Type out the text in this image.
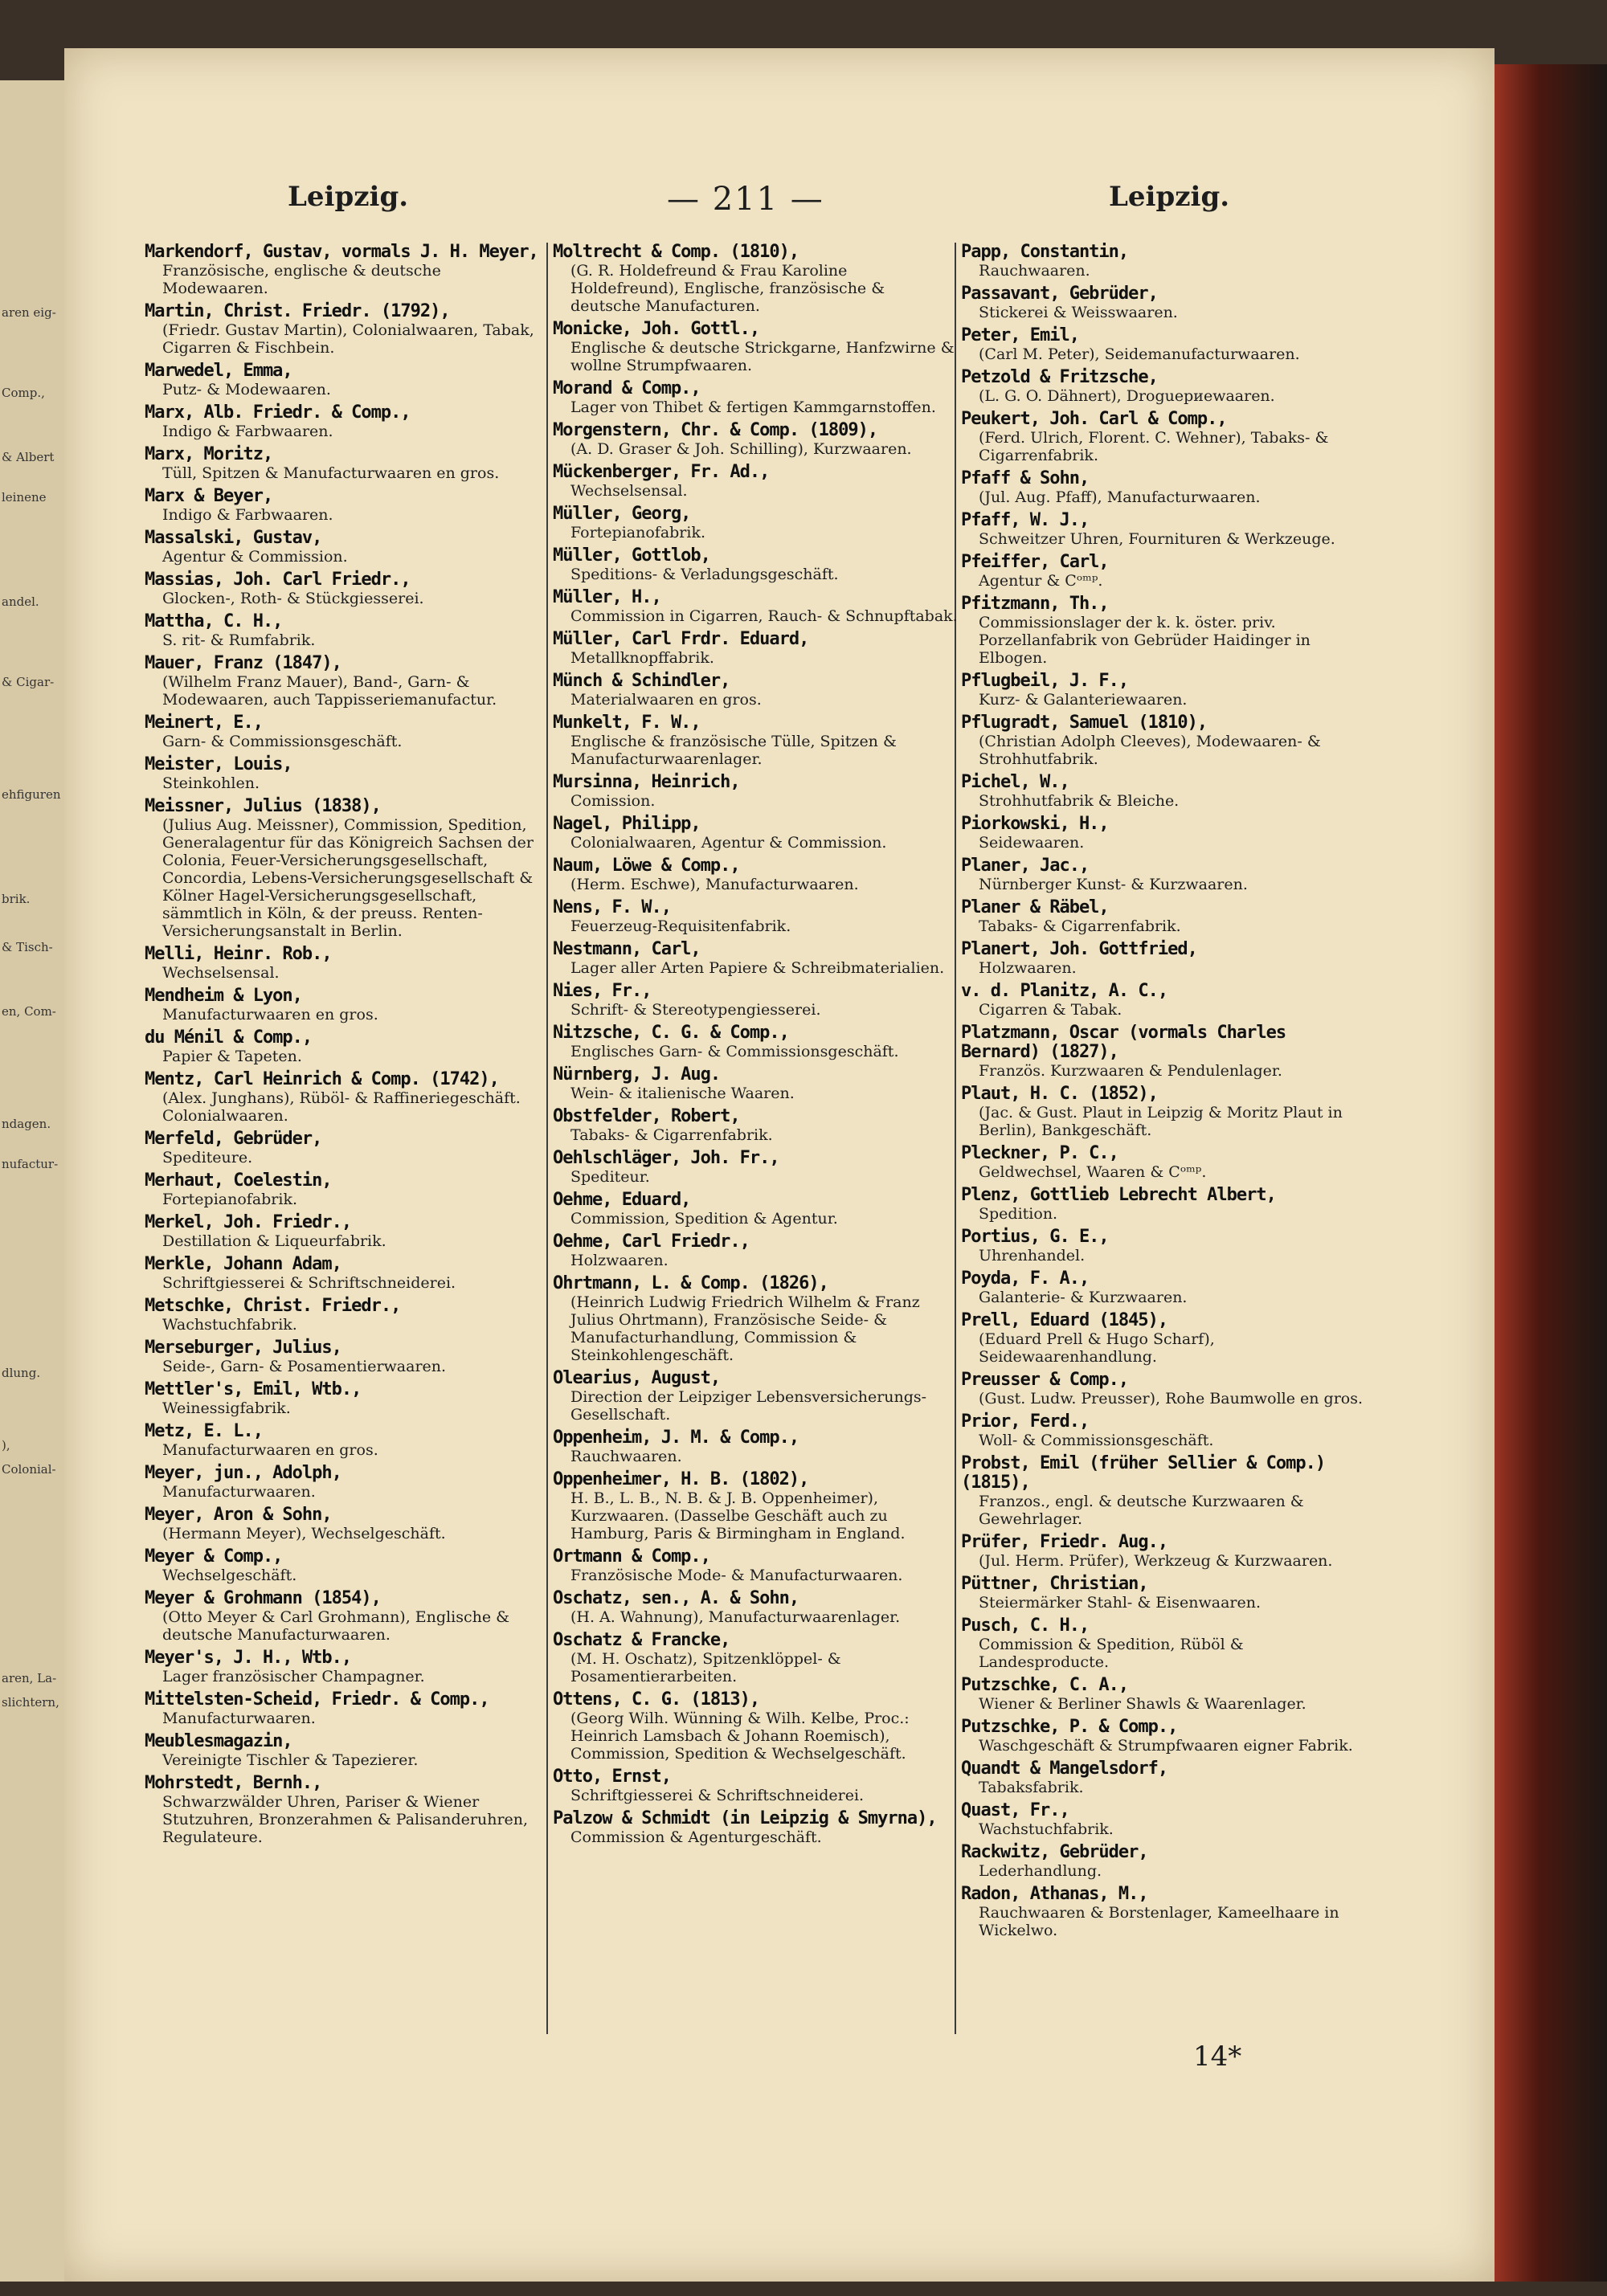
aren eig-
Comp.,
& Albert
leinene
andel.
& Cigar-
ehfiguren
brik.
& Tisch-
en, Com-
ndagen.
nufactur-
dlung.
),
Colonial-
aren, La-
slichtern,
Leipzig.	— 211 —	Leipzig.
Markendorf, Gustav, vormals J. H. Meyer,
Französische, englische & deutsche Modewaaren.
Martin, Christ. Friedr. (1792),
(Friedr. Gustav Martin), Colonialwaaren, Tabak, Cigarren & Fischbein.
Marwedel, Emma,
Putz- & Modewaaren.
Marx, Alb. Friedr. & Comp.,
Indigo & Farbwaaren.
Marx, Moritz,
Tüll, Spitzen & Manufacturwaaren en gros.
Marx & Beyer,
Indigo & Farbwaaren.
Massalski, Gustav,
Agentur & Commission.
Massias, Joh. Carl Friedr.,
Glocken-, Roth- & Stückgiesserei.
Mattha, C. H.,
S. rit- & Rumfabrik.
Mauer, Franz (1847),
(Wilhelm Franz Mauer), Band-, Garn- & Modewaaren, auch Tappisseriemanufactur.
Meinert, E.,
Garn- & Commissionsgeschäft.
Meister, Louis,
Steinkohlen.
Meissner, Julius (1838),
(Julius Aug. Meissner), Commission, Spedition, Generalagentur für das Königreich Sachsen der Colonia, Feuer-Versicherungsgesellschaft, Concordia, Lebens-Versicherungsgesellschaft & Kölner Hagel-Versicherungsgesellschaft, sämmtlich in Köln, & der preuss. Renten-Versicherungsanstalt in Berlin.
Melli, Heinr. Rob.,
Wechselsensal.
Mendheim & Lyon,
Manufacturwaaren en gros.
du Ménil & Comp.,
Papier & Tapeten.
Mentz, Carl Heinrich & Comp. (1742),
(Alex. Junghans), Rüböl- & Raffineriegeschäft. Colonialwaaren.
Merfeld, Gebrüder,
Spediteure.
Merhaut, Coelestin,
Fortepianofabrik.
Merkel, Joh. Friedr.,
Destillation & Liqueurfabrik.
Merkle, Johann Adam,
Schriftgiesserei & Schriftschneiderei.
Metschke, Christ. Friedr.,
Wachstuchfabrik.
Merseburger, Julius,
Seide-, Garn- & Posamentierwaaren.
Mettler's, Emil, Wtb.,
Weinessigfabrik.
Metz, E. L.,
Manufacturwaaren en gros.
Meyer, jun., Adolph,
Manufacturwaaren.
Meyer, Aron & Sohn,
(Hermann Meyer), Wechselgeschäft.
Meyer & Comp.,
Wechselgeschäft.
Meyer & Grohmann (1854),
(Otto Meyer & Carl Grohmann), Englische & deutsche Manufacturwaaren.
Meyer's, J. H., Wtb.,
Lager französischer Champagner.
Mittelsten-Scheid, Friedr. & Comp.,
Manufacturwaaren.
Meublesmagazin,
Vereinigte Tischler & Tapezierer.
Mohrstedt, Bernh.,
Schwarzwälder Uhren, Pariser & Wiener Stutzuhren, Bronzerahmen & Palisanderuhren, Regulateure.
Moltrecht & Comp. (1810),
(G. R. Holdefreund & Frau Karoline Holdefreund), Englische, französische & deutsche Manufacturen.
Monicke, Joh. Gottl.,
Englische & deutsche Strickgarne, Hanfzwirne & wollne Strumpfwaaren.
Morand & Comp.,
Lager von Thibet & fertigen Kammgarnstoffen.
Morgenstern, Chr. & Comp. (1809),
(A. D. Graser & Joh. Schilling), Kurzwaaren.
Mückenberger, Fr. Ad.,
Wechselsensal.
Müller, Georg,
Fortepianofabrik.
Müller, Gottlob,
Speditions- & Verladungsgeschäft.
Müller, H.,
Commission in Cigarren, Rauch- & Schnupftabak.
Müller, Carl Frdr. Eduard,
Metallknopffabrik.
Münch & Schindler,
Materialwaaren en gros.
Munkelt, F. W.,
Englische & französische Tülle, Spitzen & Manufacturwaarenlager.
Mursinna, Heinrich,
Comission.
Nagel, Philipp,
Colonialwaaren, Agentur & Commission.
Naum, Löwe & Comp.,
(Herm. Eschwe), Manufacturwaaren.
Nens, F. W.,
Feuerzeug-Requisitenfabrik.
Nestmann, Carl,
Lager aller Arten Papiere & Schreibmaterialien.
Nies, Fr.,
Schrift- & Stereotypengiesserei.
Nitzsche, C. G. & Comp.,
Englisches Garn- & Commissionsgeschäft.
Nürnberg, J. Aug.
Wein- & italienische Waaren.
Obstfelder, Robert,
Tabaks- & Cigarrenfabrik.
Oehlschläger, Joh. Fr.,
Spediteur.
Oehme, Eduard,
Commission, Spedition & Agentur.
Oehme, Carl Friedr.,
Holzwaaren.
Ohrtmann, L. & Comp. (1826),
(Heinrich Ludwig Friedrich Wilhelm & Franz Julius Ohrtmann), Französische Seide- & Manufacturhandlung, Commission & Steinkohlengeschäft.
Olearius, August,
Direction der Leipziger Lebensversicherungs-Gesellschaft.
Oppenheim, J. M. & Comp.,
Rauchwaaren.
Oppenheimer, H. B. (1802),
H. B., L. B., N. B. & J. B. Oppenheimer), Kurzwaaren. (Dasselbe Geschäft auch zu Hamburg, Paris & Birmingham in England.
Ortmann & Comp.,
Französische Mode- & Manufacturwaaren.
Oschatz, sen., A. & Sohn,
(H. A. Wahnung), Manufacturwaarenlager.
Oschatz & Francke,
(M. H. Oschatz), Spitzenklöppel- & Posamentierarbeiten.
Ottens, C. G. (1813),
(Georg Wilh. Wünning & Wilh. Kelbe, Proc.: Heinrich Lamsbach & Johann Roemisch), Commission, Spedition & Wechselgeschäft.
Otto, Ernst,
Schriftgiesserei & Schriftschneiderei.
Palzow & Schmidt (in Leipzig & Smyrna),
Commission & Agenturgeschäft.
Papp, Constantin,
Rauchwaaren.
Passavant, Gebrüder,
Stickerei & Weisswaaren.
Peter, Emil,
(Carl M. Peter), Seidemanufacturwaaren.
Petzold & Fritzsche,
(L. G. O. Dähnert), Droguериewaaren.
Peukert, Joh. Carl & Comp.,
(Ferd. Ulrich, Florent. C. Wehner), Tabaks- & Cigarrenfabrik.
Pfaff & Sohn,
(Jul. Aug. Pfaff), Manufacturwaaren.
Pfaff, W. J.,
Schweitzer Uhren, Fournituren & Werkzeuge.
Pfeiffer, Carl,
Agentur & Cᵒᵐᵖ.
Pfitzmann, Th.,
Commissionslager der k. k. öster. priv. Porzellanfabrik von Gebrüder Haidinger in Elbogen.
Pflugbeil, J. F.,
Kurz- & Galanteriewaaren.
Pflugradt, Samuel (1810),
(Christian Adolph Cleeves), Modewaaren- & Strohhutfabrik.
Pichel, W.,
Strohhutfabrik & Bleiche.
Piorkowski, H.,
Seidewaaren.
Planer, Jac.,
Nürnberger Kunst- & Kurzwaaren.
Planer & Räbel,
Tabaks- & Cigarrenfabrik.
Planert, Joh. Gottfried,
Holzwaaren.
v. d. Planitz, A. C.,
Cigarren & Tabak.
Platzmann, Oscar (vormals Charles Bernard) (1827),
Französ. Kurzwaaren & Pendulenlager.
Plaut, H. C. (1852),
(Jac. & Gust. Plaut in Leipzig & Moritz Plaut in Berlin), Bankgeschäft.
Pleckner, P. C.,
Geldwechsel, Waaren & Cᵒᵐᵖ.
Plenz, Gottlieb Lebrecht Albert,
Spedition.
Portius, G. E.,
Uhrenhandel.
Poyda, F. A.,
Galanterie- & Kurzwaaren.
Prell, Eduard (1845),
(Eduard Prell & Hugo Scharf), Seidewaarenhandlung.
Preusser & Comp.,
(Gust. Ludw. Preusser), Rohe Baumwolle en gros.
Prior, Ferd.,
Woll- & Commissionsgeschäft.
Probst, Emil (früher Sellier & Comp.) (1815),
Franzos., engl. & deutsche Kurzwaaren & Gewehrlager.
Prüfer, Friedr. Aug.,
(Jul. Herm. Prüfer), Werkzeug & Kurzwaaren.
Püttner, Christian,
Steiermärker Stahl- & Eisenwaaren.
Pusch, C. H.,
Commission & Spedition, Rüböl & Landesproducte.
Putzschke, C. A.,
Wiener & Berliner Shawls & Waarenlager.
Putzschke, P. & Comp.,
Waschgeschäft & Strumpfwaaren eigner Fabrik.
Quandt & Mangelsdorf,
Tabaksfabrik.
Quast, Fr.,
Wachstuchfabrik.
Rackwitz, Gebrüder,
Lederhandlung.
Radon, Athanas, M.,
Rauchwaaren & Borstenlager, Kameelhaare in Wickelwo.
14*
